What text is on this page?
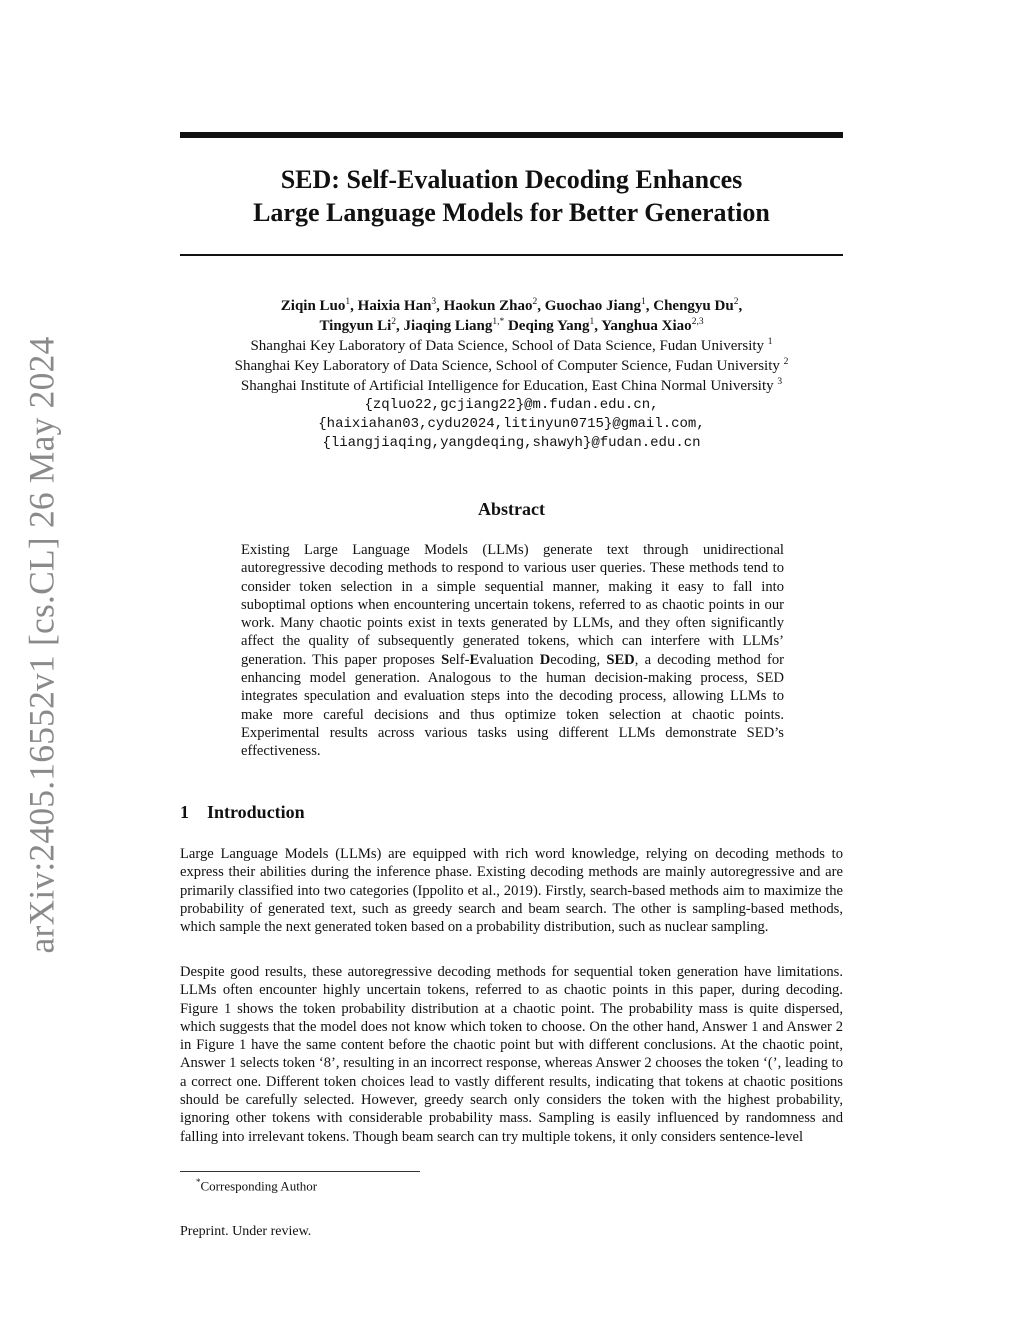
arXiv:2405.16552v1 [cs.CL] 26 May 2024
SED: Self-Evaluation Decoding Enhances
Large Language Models for Better Generation
Ziqin Luo$^1$, Haixia Han$^3$, Haokun Zhao$^2$, Guochao Jiang$^1$, Chengyu Du$^2$,
Tingyun Li$^2$, Jiaqing Liang$^{1,*}$ Deqing Yang$^1$, Yanghua Xiao$^{2,3}$
Shanghai Key Laboratory of Data Science, School of Data Science, Fudan University $^1$
Shanghai Key Laboratory of Data Science, School of Computer Science, Fudan University $^2$
Shanghai Institute of Artificial Intelligence for Education, East China Normal University $^3$
{zqluo22,gcjiang22}@m.fudan.edu.cn,
{haixiahan03,cydu2024,litinyun0715}@gmail.com,
{liangjiaqing,yangdeqing,shawyh}@fudan.edu.cn
Abstract

Existing Large Language Models (LLMs) generate text through unidirectional autoregressive decoding methods to respond to various user queries. These methods tend to consider token selection in a simple sequential manner, making it easy to fall into suboptimal options when encountering uncertain tokens, referred to as chaotic points in our work. Many chaotic points exist in texts generated by LLMs, and they often significantly affect the quality of subsequently generated tokens, which can interfere with LLMs’ generation. This paper proposes Self-Evaluation Decoding, SED, a decoding method for enhancing model generation. Analogous to the human decision-making process, SED integrates speculation and evaluation steps into the decoding process, allowing LLMs to make more careful decisions and thus optimize token selection at chaotic points. Experimental results across various tasks using different LLMs demonstrate SED’s effectiveness.

1 Introduction

Large Language Models (LLMs) are equipped with rich word knowledge, relying on decoding methods to express their abilities during the inference phase. Existing decoding methods are mainly autoregressive and are primarily classified into two categories (Ippolito et al., 2019). Firstly, search-based methods aim to maximize the probability of generated text, such as greedy search and beam search. The other is sampling-based methods, which sample the next generated token based on a probability distribution, such as nuclear sampling.

Despite good results, these autoregressive decoding methods for sequential token generation have limitations. LLMs often encounter highly uncertain tokens, referred to as chaotic points in this paper, during decoding. Figure 1 shows the token probability distribution at a chaotic point. The probability mass is quite dispersed, which suggests that the model does not know which token to choose. On the other hand, Answer 1 and Answer 2 in Figure 1 have the same content before the chaotic point but with different conclusions. At the chaotic point, Answer 1 selects token ‘8’, resulting in an incorrect response, whereas Answer 2 chooses the token ‘(’, leading to a correct one. Different token choices lead to vastly different results, indicating that tokens at chaotic positions should be carefully selected. However, greedy search only considers the token with the highest probability, ignoring other tokens with considerable probability mass. Sampling is easily influenced by randomness and falling into irrelevant tokens. Though beam search can try multiple tokens, it only considers sentence-level

*Corresponding Author

Preprint. Under review.
